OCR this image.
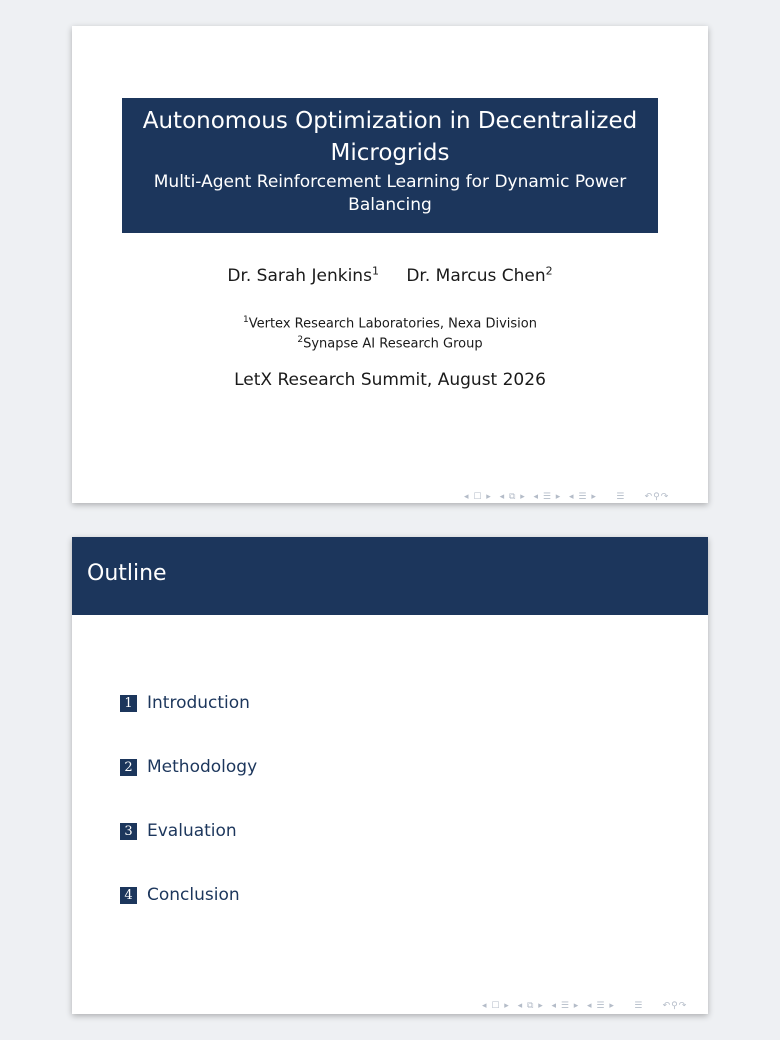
Autonomous Optimization in Decentralized Microgrids
Multi-Agent Reinforcement Learning for Dynamic Power Balancing
Dr. Sarah Jenkins$^1$ Dr. Marcus Chen$^2$
$^1$Vertex Research Laboratories, Nexa Division
$^2$Synapse AI Research Group
LetX Research Summit, August 2026
◂ ☐ ▸  ◂ ⧉ ▸  ◂ ☰ ▸  ◂ ☰ ▸     ☰     ↶⚲↷
Outline
1 Introduction
2 Methodology
3 Evaluation
4 Conclusion
◂ ☐ ▸  ◂ ⧉ ▸  ◂ ☰ ▸  ◂ ☰ ▸     ☰     ↶⚲↷
